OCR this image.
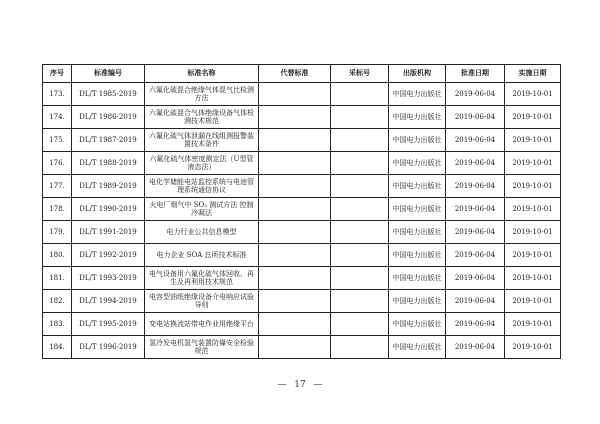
序号	标准编号	标准名称	代替标准	采标号	出版机构	批准日期	实施日期
173.	DL/T 1985-2019	六氟化硫混合绝缘气体混气比检测方法			中国电力出版社	2019-06-04	2019-10-01
174.	DL/T 1986-2019	六氟化硫混合气体绝缘设备气体检测技术规范			中国电力出版社	2019-06-04	2019-10-01
175.	DL/T 1987-2019	六氟化硫气体泄漏在线组测报警装置技术条件			中国电力出版社	2019-06-04	2019-10-01
176.	DL/T 1988-2019	六氟化硫气体密度测定法（U型管液态法）			中国电力出版社	2019-06-04	2019-10-01
177.	DL/T 1989-2019	电化学储能电站监控系统与电池管理系统通信协议			中国电力出版社	2019-06-04	2019-10-01
178.	DL/T 1990-2019	火电厂烟气中 SO₃ 测试方法 控制冷凝法			中国电力出版社	2019-06-04	2019-10-01
179.	DL/T 1991-2019	电力行业公共信息模型			中国电力出版社	2019-06-04	2019-10-01
180.	DL/T 1992-2019	电力企业 SOA 总所技术标准			中国电力出版社	2019-06-04	2019-10-01
181.	DL/T 1993-2019	电气设备用六氟化硫气体回收、再生及再利用技术规范			中国电力出版社	2019-06-04	2019-10-01
182.	DL/T 1994-2019	电容型油纸绝缘设备介电响应试验导则			中国电力出版社	2019-06-04	2019-10-01
183.	DL/T 1995-2019	变电站换流站带电作业用绝缘平台			中国电力出版社	2019-06-04	2019-10-01
184.	DL/T 1996-2019	氢冷发电机氢气装置防爆安全检验规范			中国电力出版社	2019-06-04	2019-10-01
— 17 —
